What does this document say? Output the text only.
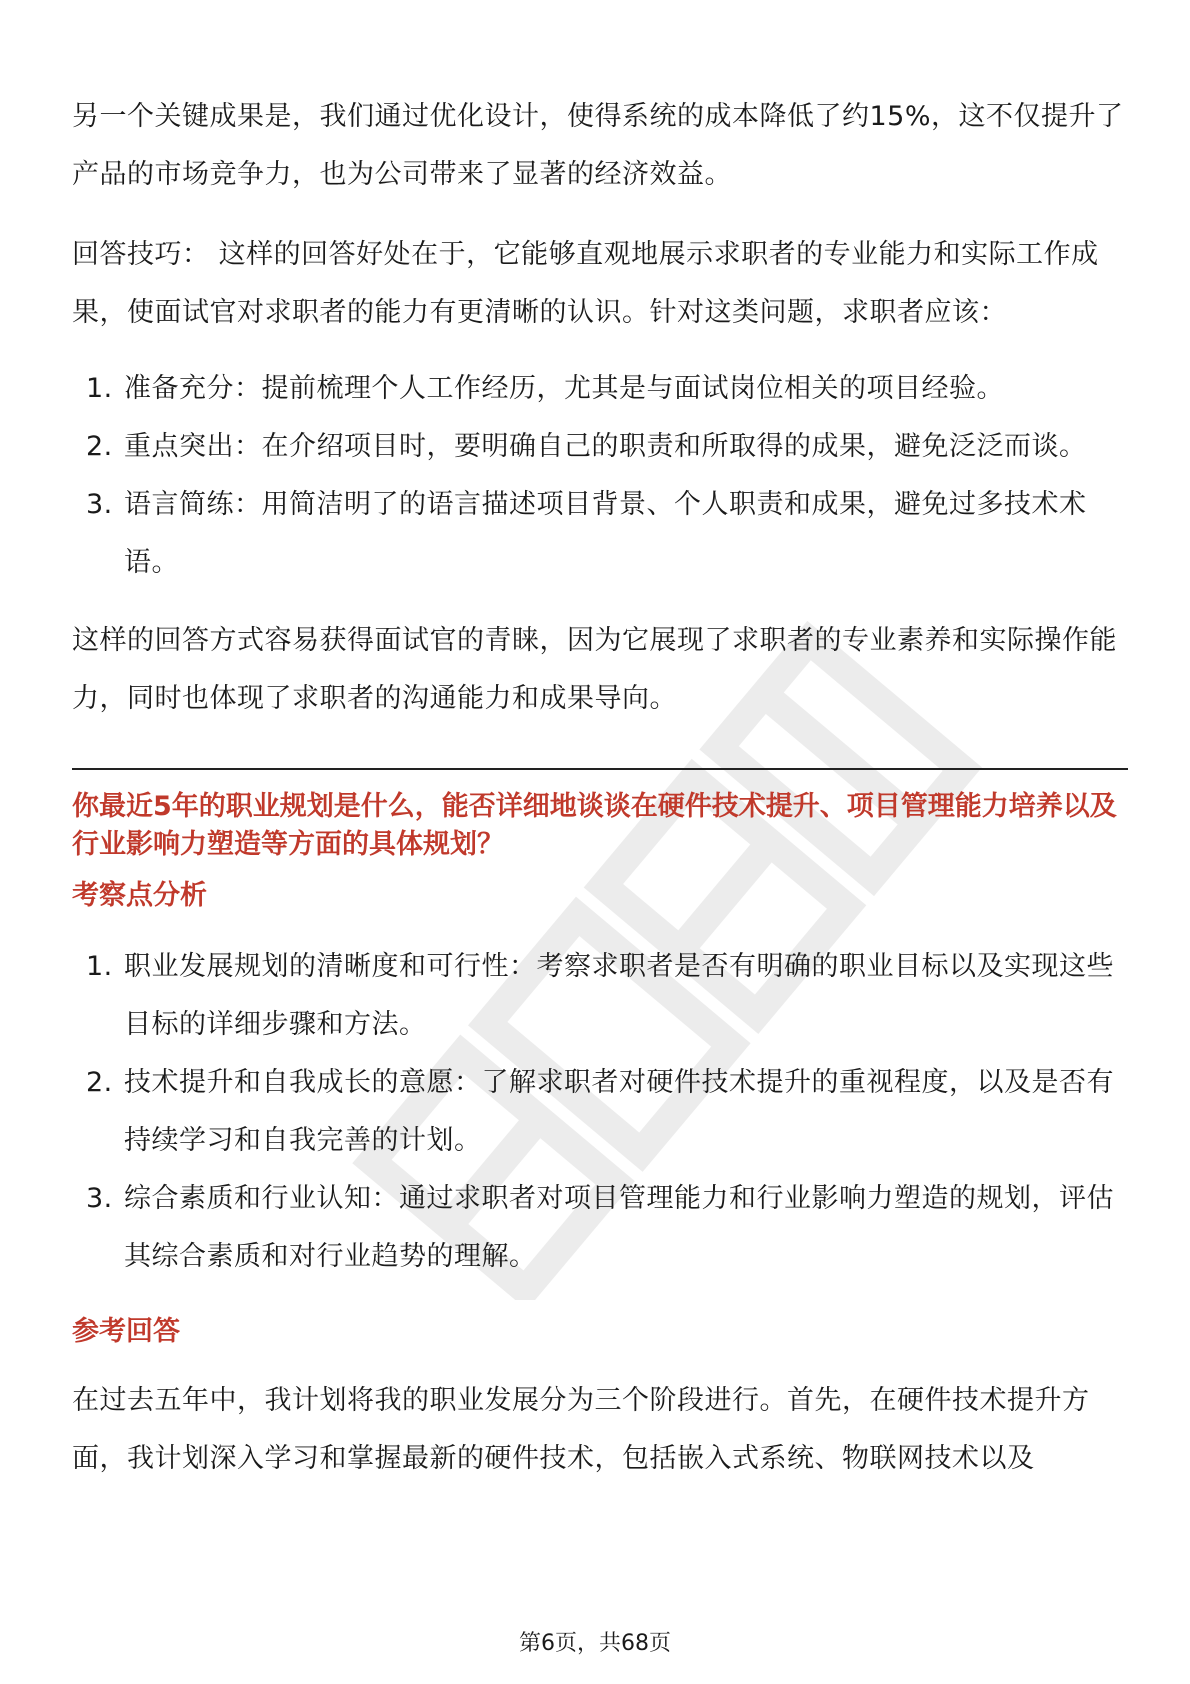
另一个关键成果是，我们通过优化设计，使得系统的成本降低了约15%，这不仅提升了产品的市场竞争力，也为公司带来了显著的经济效益。

回答技巧： 这样的回答好处在于，它能够直观地展示求职者的专业能力和实际工作成果，使面试官对求职者的能力有更清晰的认识。针对这类问题，求职者应该：

1. 准备充分：提前梳理个人工作经历，尤其是与面试岗位相关的项目经验。
2. 重点突出：在介绍项目时，要明确自己的职责和所取得的成果，避免泛泛而谈。
3. 语言简练：用简洁明了的语言描述项目背景、个人职责和成果，避免过多技术术语。

这样的回答方式容易获得面试官的青睐，因为它展现了求职者的专业素养和实际操作能力，同时也体现了求职者的沟通能力和成果导向。

你最近5年的职业规划是什么，能否详细地谈谈在硬件技术提升、项目管理能力培养以及行业影响力塑造等方面的具体规划？

考察点分析

1. 职业发展规划的清晰度和可行性：考察求职者是否有明确的职业目标以及实现这些目标的详细步骤和方法。
2. 技术提升和自我成长的意愿：了解求职者对硬件技术提升的重视程度，以及是否有持续学习和自我完善的计划。
3. 综合素质和行业认知：通过求职者对项目管理能力和行业影响力塑造的规划，评估其综合素质和对行业趋势的理解。

参考回答

在过去五年中，我计划将我的职业发展分为三个阶段进行。首先，在硬件技术提升方面，我计划深入学习和掌握最新的硬件技术，包括嵌入式系统、物联网技术以及

第6页，共68页
